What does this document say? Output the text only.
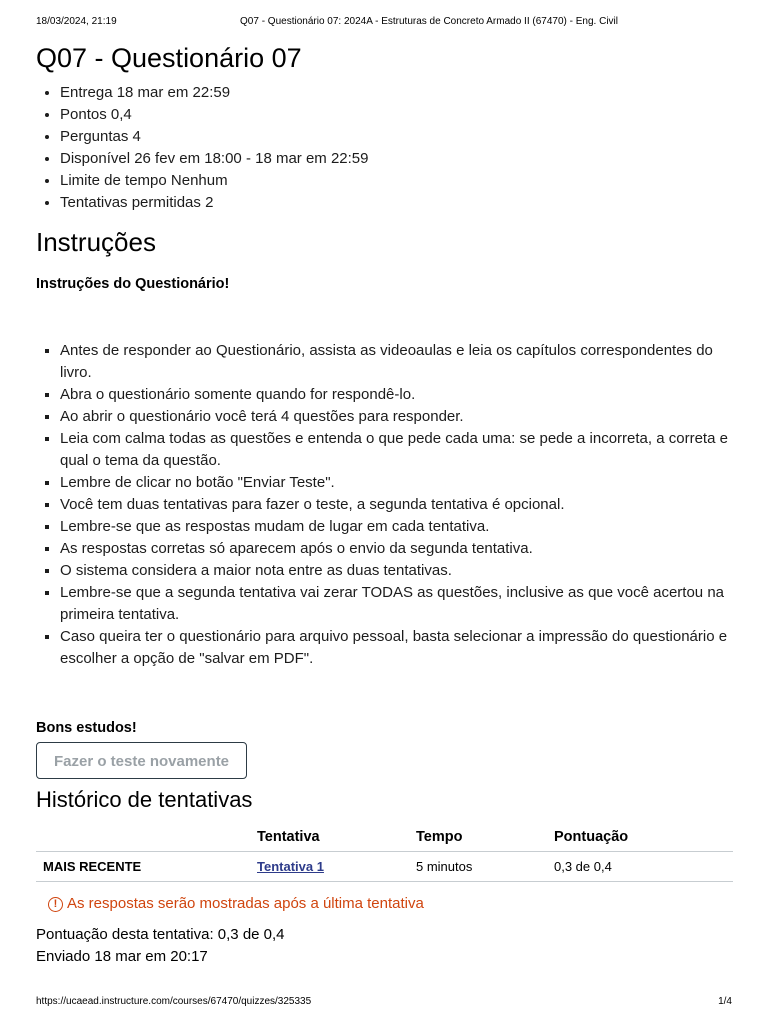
18/03/2024, 21:19	Q07 - Questionário 07: 2024A - Estruturas de Concreto Armado II (67470) - Eng. Civil
Q07 - Questionário 07
• Entrega 18 mar em 22:59
• Pontos 0,4
• Perguntas 4
• Disponível 26 fev em 18:00 - 18 mar em 22:59
• Limite de tempo Nenhum
• Tentativas permitidas 2
Instruções
Instruções do Questionário!
▪ Antes de responder ao Questionário, assista as videoaulas e leia os capítulos correspondentes do livro.
▪ Abra o questionário somente quando for respondê-lo.
▪ Ao abrir o questionário você terá 4 questões para responder.
▪ Leia com calma todas as questões e entenda o que pede cada uma: se pede a incorreta, a correta e qual o tema da questão.
▪ Lembre de clicar no botão "Enviar Teste".
▪ Você tem duas tentativas para fazer o teste, a segunda tentativa é opcional.
▪ Lembre-se que as respostas mudam de lugar em cada tentativa.
▪ As respostas corretas só aparecem após o envio da segunda tentativa.
▪ O sistema considera a maior nota entre as duas tentativas.
▪ Lembre-se que a segunda tentativa vai zerar TODAS as questões, inclusive as que você acertou na primeira tentativa.
▪ Caso queira ter o questionário para arquivo pessoal, basta selecionar a impressão do questionário e escolher a opção de "salvar em PDF".
Bons estudos!
Fazer o teste novamente
Histórico de tentativas
	Tentativa	Tempo	Pontuação
MAIS RECENTE	Tentativa 1	5 minutos	0,3 de 0,4
! As respostas serão mostradas após a última tentativa
Pontuação desta tentativa: 0,3 de 0,4
Enviado 18 mar em 20:17
https://ucaead.instructure.com/courses/67470/quizzes/325335	1/4
